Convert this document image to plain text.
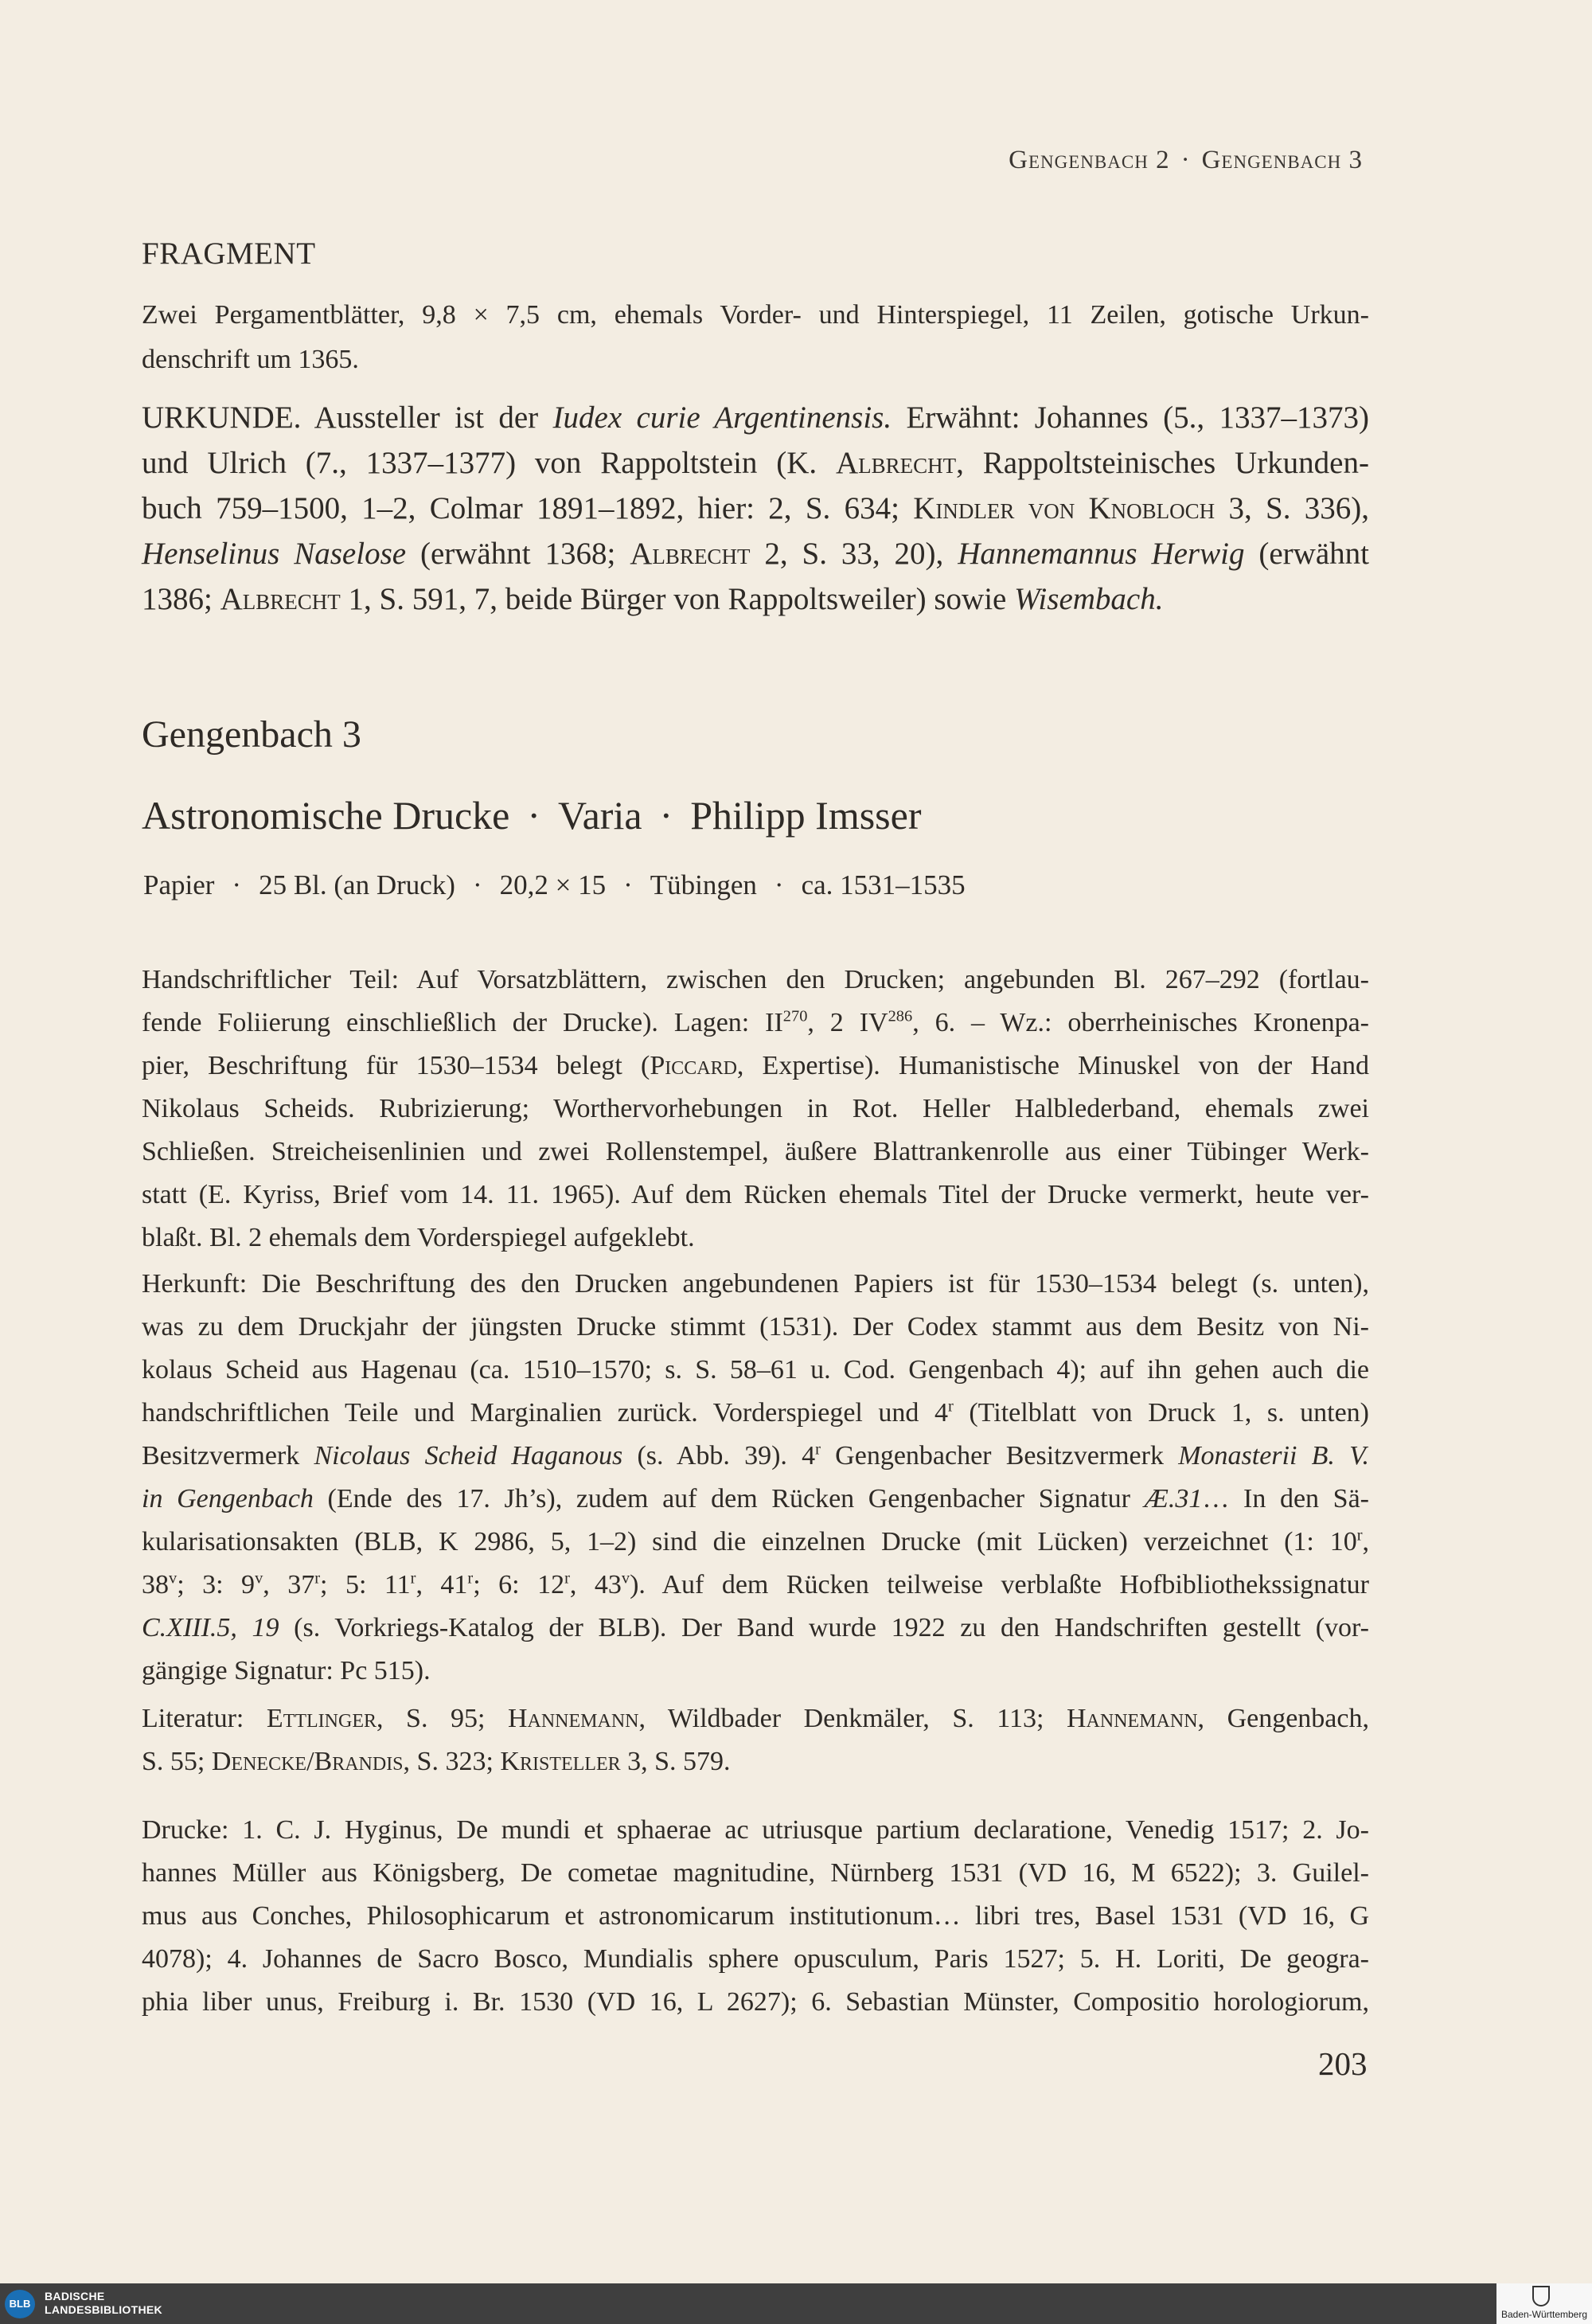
Gengenbach 2 · Gengenbach 3
FRAGMENT
Zwei Pergamentblätter, 9,8 × 7,5 cm, ehemals Vorder- und Hinterspiegel, 11 Zeilen, gotische Urkun-
denschrift um 1365.
URKUNDE. Aussteller ist der Iudex curie Argentinensis. Erwähnt: Johannes (5., 1337–1373)
und Ulrich (7., 1337–1377) von Rappoltstein (K. Albrecht, Rappoltsteinisches Urkunden-
buch 759–1500, 1–2, Colmar 1891–1892, hier: 2, S. 634; Kindler von Knobloch 3, S. 336),
Henselinus Naselose (erwähnt 1368; Albrecht 2, S. 33, 20), Hannemannus Herwig (erwähnt
1386; Albrecht 1, S. 591, 7, beide Bürger von Rappoltsweiler) sowie Wisembach.
Gengenbach 3
Astronomische Drucke · Varia · Philipp Imsser
Papier · 25 Bl. (an Druck) · 20,2 × 15 · Tübingen · ca. 1531–1535
Handschriftlicher Teil: Auf Vorsatzblättern, zwischen den Drucken; angebunden Bl. 267–292 (fortlau-
fende Foliierung einschließlich der Drucke). Lagen: II$^{270}$, 2 IV$^{286}$, 6. – Wz.: oberrheinisches Kronenpa-
pier, Beschriftung für 1530–1534 belegt (Piccard, Expertise). Humanistische Minuskel von der Hand
Nikolaus Scheids. Rubrizierung; Worthervorhebungen in Rot. Heller Halblederband, ehemals zwei
Schließen. Streicheisenlinien und zwei Rollenstempel, äußere Blattrankenrolle aus einer Tübinger Werk-
statt (E. Kyriss, Brief vom 14. 11. 1965). Auf dem Rücken ehemals Titel der Drucke vermerkt, heute ver-
blaßt. Bl. 2 ehemals dem Vorderspiegel aufgeklebt.
Herkunft: Die Beschriftung des den Drucken angebundenen Papiers ist für 1530–1534 belegt (s. unten),
was zu dem Druckjahr der jüngsten Drucke stimmt (1531). Der Codex stammt aus dem Besitz von Ni-
kolaus Scheid aus Hagenau (ca. 1510–1570; s. S. 58–61 u. Cod. Gengenbach 4); auf ihn gehen auch die
handschriftlichen Teile und Marginalien zurück. Vorderspiegel und 4$^r$ (Titelblatt von Druck 1, s. unten)
Besitzvermerk Nicolaus Scheid Haganous (s. Abb. 39). 4$^r$ Gengenbacher Besitzvermerk Monasterii B. V.
in Gengenbach (Ende des 17. Jh’s), zudem auf dem Rücken Gengenbacher Signatur Æ.31… In den Sä-
kularisationsakten (BLB, K 2986, 5, 1–2) sind die einzelnen Drucke (mit Lücken) verzeichnet (1: 10$^r$,
38$^v$; 3: 9$^v$, 37$^r$; 5: 11$^r$, 41$^r$; 6: 12$^r$, 43$^v$). Auf dem Rücken teilweise verblaßte Hofbibliothekssignatur
C.XIII.5, 19 (s. Vorkriegs-Katalog der BLB). Der Band wurde 1922 zu den Handschriften gestellt (vor-
gängige Signatur: Pc 515).
Literatur: Ettlinger, S. 95; Hannemann, Wildbader Denkmäler, S. 113; Hannemann, Gengenbach,
S. 55; Denecke/Brandis, S. 323; Kristeller 3, S. 579.
Drucke: 1. C. J. Hyginus, De mundi et sphaerae ac utriusque partium declaratione, Venedig 1517; 2. Jo-
hannes Müller aus Königsberg, De cometae magnitudine, Nürnberg 1531 (VD 16, M 6522); 3. Guilel-
mus aus Conches, Philosophicarum et astronomicarum institutionum… libri tres, Basel 1531 (VD 16, G
4078); 4. Johannes de Sacro Bosco, Mundialis sphere opusculum, Paris 1527; 5. H. Loriti, De geogra-
phia liber unus, Freiburg i. Br. 1530 (VD 16, L 2627); 6. Sebastian Münster, Compositio horologiorum,
203
BLB
BADISCHE
LANDESBIBLIOTHEK	Baden-Württemberg
